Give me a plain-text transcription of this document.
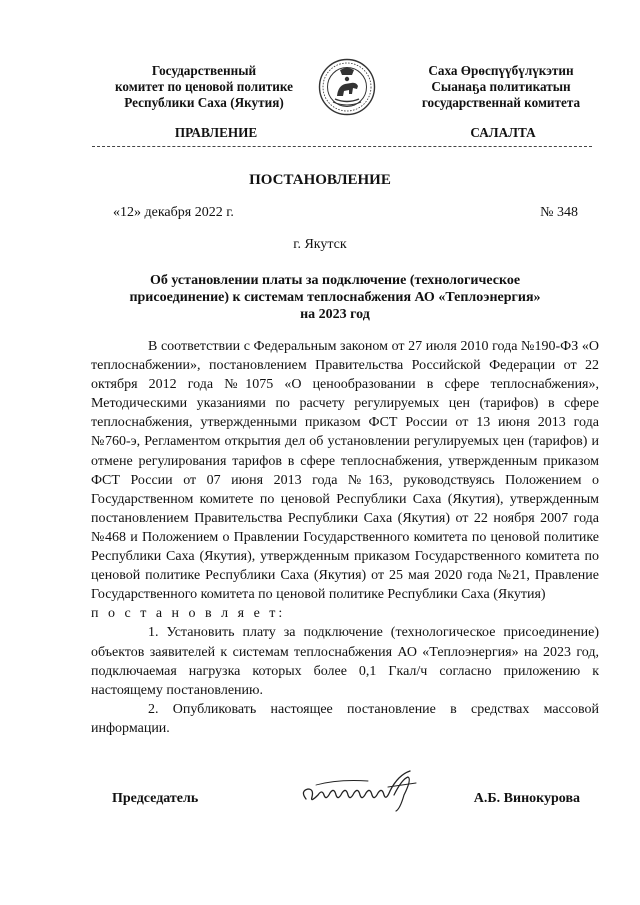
Государственный
комитет по ценовой политике
Республики Саха (Якутия)
Саха Өрөспүүбүлүкэтин
Сыанаҕа политикатын
государственнай комитета
ПРАВЛЕНИЕ	САЛАЛТА
ПОСТАНОВЛЕНИЕ
«12» декабря 2022 г.	№ 348
г. Якутск
Об установлении платы за подключение (технологическое
присоединение) к системам теплоснабжения АО «Теплоэнергия»
на 2023 год

В соответствии с Федеральным законом от 27 июля 2010 года №190-ФЗ «О теплоснабжении», постановлением Правительства Российской Федерации от 22 октября 2012 года №1075 «О ценообразовании в сфере теплоснабжения», Методическими указаниями по расчету регулируемых цен (тарифов) в сфере теплоснабжения, утвержденными приказом ФСТ России от 13 июня 2013 года №760-э, Регламентом открытия дел об установлении регулируемых цен (тарифов) и отмене регулирования тарифов в сфере теплоснабжения, утвержденным приказом ФСТ России от 07 июня 2013 года №163, руководствуясь Положением о Государственном комитете по ценовой Республики Саха (Якутия), утвержденным постановлением Правительства Республики Саха (Якутия) от 22 ноября 2007 года №468 и Положением о Правлении Государственного комитета по ценовой политике Республики Саха (Якутия), утвержденным приказом Государственного комитета по ценовой политике Республики Саха (Якутия) от 25 мая 2020 года №21, Правление Государственного комитета по ценовой политике Республики Саха (Якутия)

п о с т а н о в л я е т:

1. Установить плату за подключение (технологическое присоединение) объектов заявителей к системам теплоснабжения АО «Теплоэнергия» на 2023 год, подключаемая нагрузка которых более 0,1 Гкал/ч согласно приложению к настоящему постановлению.

2. Опубликовать настоящее постановление в средствах массовой информации.

Председатель	А.Б. Винокурова
